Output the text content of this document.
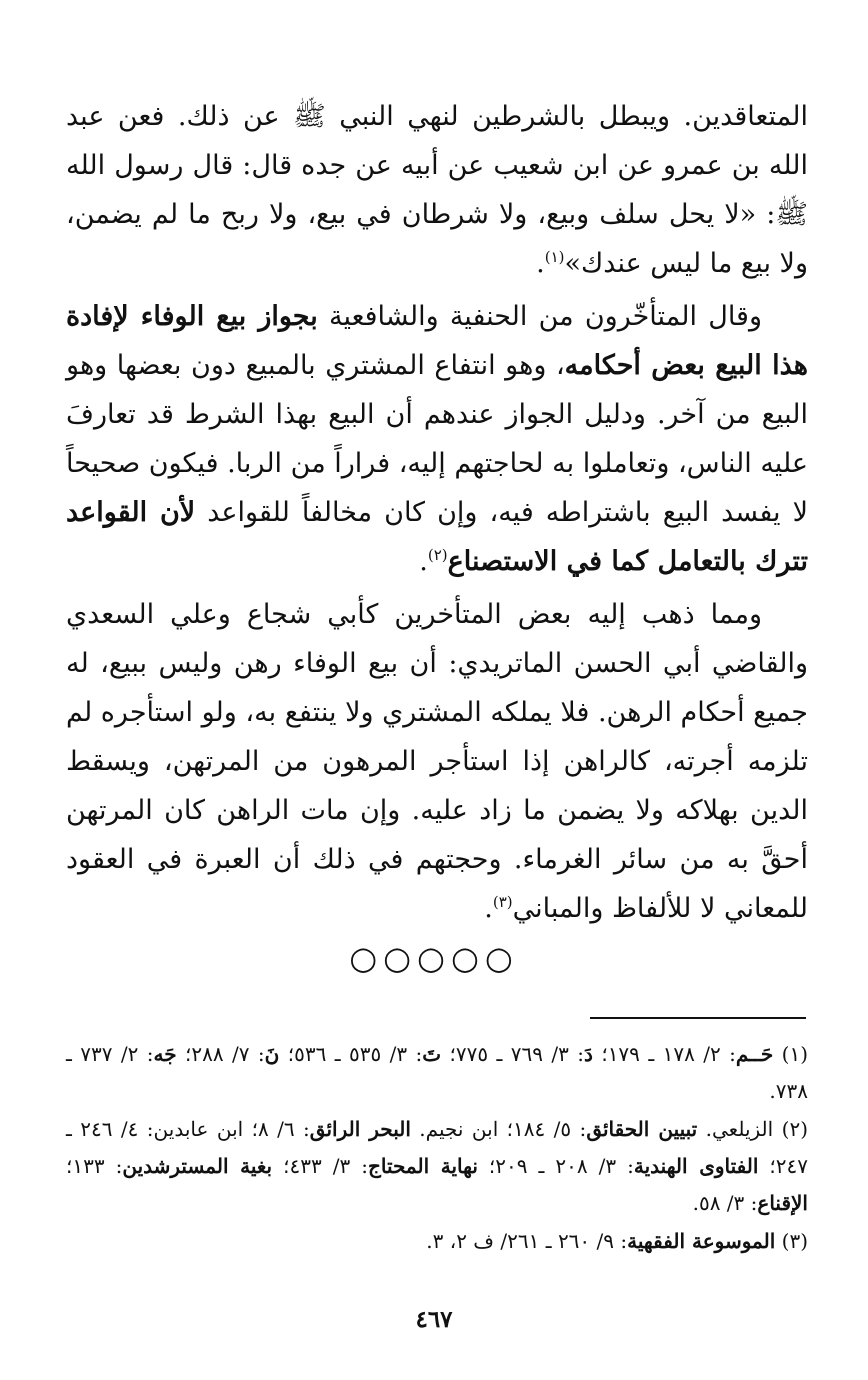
المتعاقدين. ويبطل بالشرطين لنهي النبي ﷺ عن ذلك. فعن عبد الله بن عمرو عن ابن شعيب عن أبيه عن جده قال: قال رسول الله ﷺ: «لا يحل سلف وبيع، ولا شرطان في بيع، ولا ربح ما لم يضمن، ولا بيع ما ليس عندك»$^{(١)}$.

وقال المتأخّرون من الحنفية والشافعية بجواز بيع الوفاء لإفادة هذا البيع بعض أحكامه، وهو انتفاع المشتري بالمبيع دون بعضها وهو البيع من آخر. ودليل الجواز عندهم أن البيع بهذا الشرط قد تعارفَ عليه الناس، وتعاملوا به لحاجتهم إليه، فراراً من الربا. فيكون صحيحاً لا يفسد البيع باشتراطه فيه، وإن كان مخالفاً للقواعد لأن القواعد تترك بالتعامل كما في الاستصناع$^{(٢)}$.

ومما ذهب إليه بعض المتأخرين كأبي شجاع وعلي السعدي والقاضي أبي الحسن الماتريدي: أن بيع الوفاء رهن وليس ببيع، له جميع أحكام الرهن. فلا يملكه المشتري ولا ينتفع به، ولو استأجره لم تلزمه أجرته، كالراهن إذا استأجر المرهون من المرتهن، ويسقط الدين بهلاكه ولا يضمن ما زاد عليه. وإن مات الراهن كان المرتهن أحقَّ به من سائر الغرماء. وحجتهم في ذلك أن العبرة في العقود للمعاني لا للألفاظ والمباني$^{(٣)}$.

○○○○○

(١) حَــم: ٢/ ١٧٨ ـ ١٧٩؛ دَ: ٣/ ٧٦٩ ـ ٧٧٥؛ تَ: ٣/ ٥٣٥ ـ ٥٣٦؛ نَ: ٧/ ٢٨٨؛ جَه: ٢/ ٧٣٧ ـ ٧٣٨.

(٢) الزيلعي. تبيين الحقائق: ٥/ ١٨٤؛ ابن نجيم. البحر الرائق: ٦/ ٨؛ ابن عابدين: ٤/ ٢٤٦ ـ ٢٤٧؛ الفتاوى الهندية: ٣/ ٢٠٨ ـ ٢٠٩؛ نهاية المحتاج: ٣/ ٤٣٣؛ بغية المسترشدين: ١٣٣؛ الإقناع: ٣/ ٥٨.

(٣) الموسوعة الفقهية: ٩/ ٢٦٠ ـ ٢٦١/ ف ٢، ٣.

٤٦٧
